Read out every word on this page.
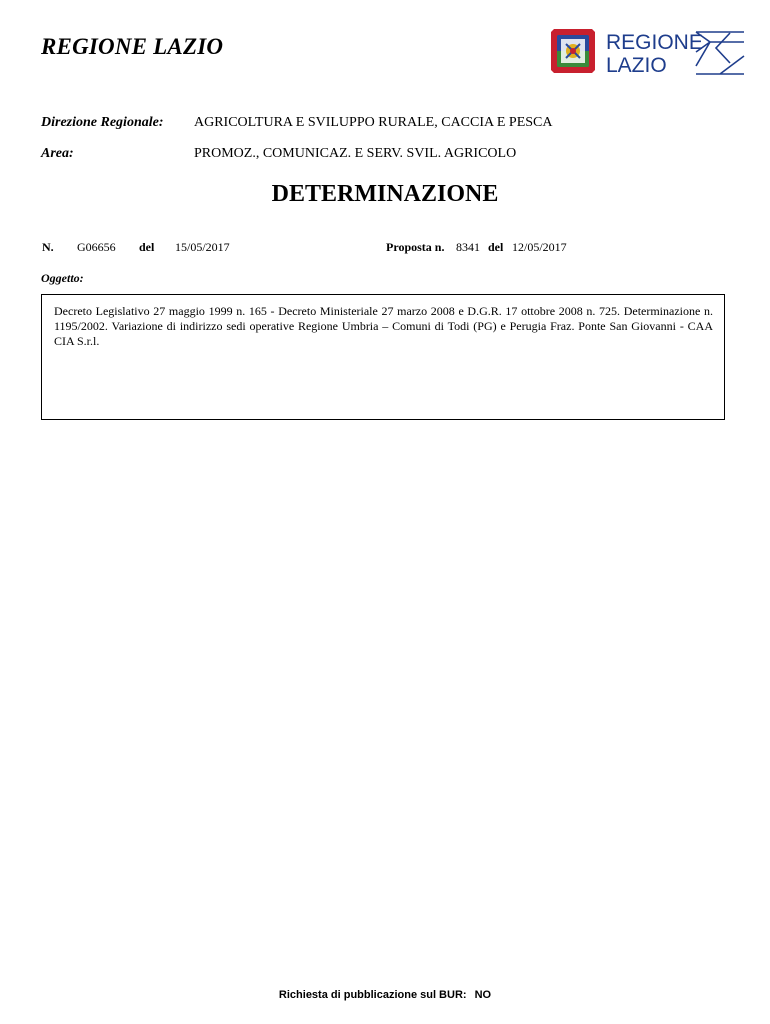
REGIONE LAZIO	REGIONE
LAZIO
Direzione Regionale: AGRICOLTURA E SVILUPPO RURALE, CACCIA E PESCA
Area:	PROMOZ., COMUNICAZ. E SERV. SVIL. AGRICOLO
DETERMINAZIONE
N. G06656 del 15/05/2017	Proposta n. 8341 del 12/05/2017
Oggetto:
Decreto Legislativo 27 maggio 1999 n. 165 - Decreto Ministeriale 27 marzo 2008 e D.G.R. 17 ottobre 2008 n. 725. Determinazione n. 1195/2002. Variazione di indirizzo sedi operative Regione Umbria – Comuni di Todi (PG) e Perugia Fraz. Ponte San Giovanni - CAA CIA S.r.l.
Richiesta di pubblicazione sul BUR: NO
